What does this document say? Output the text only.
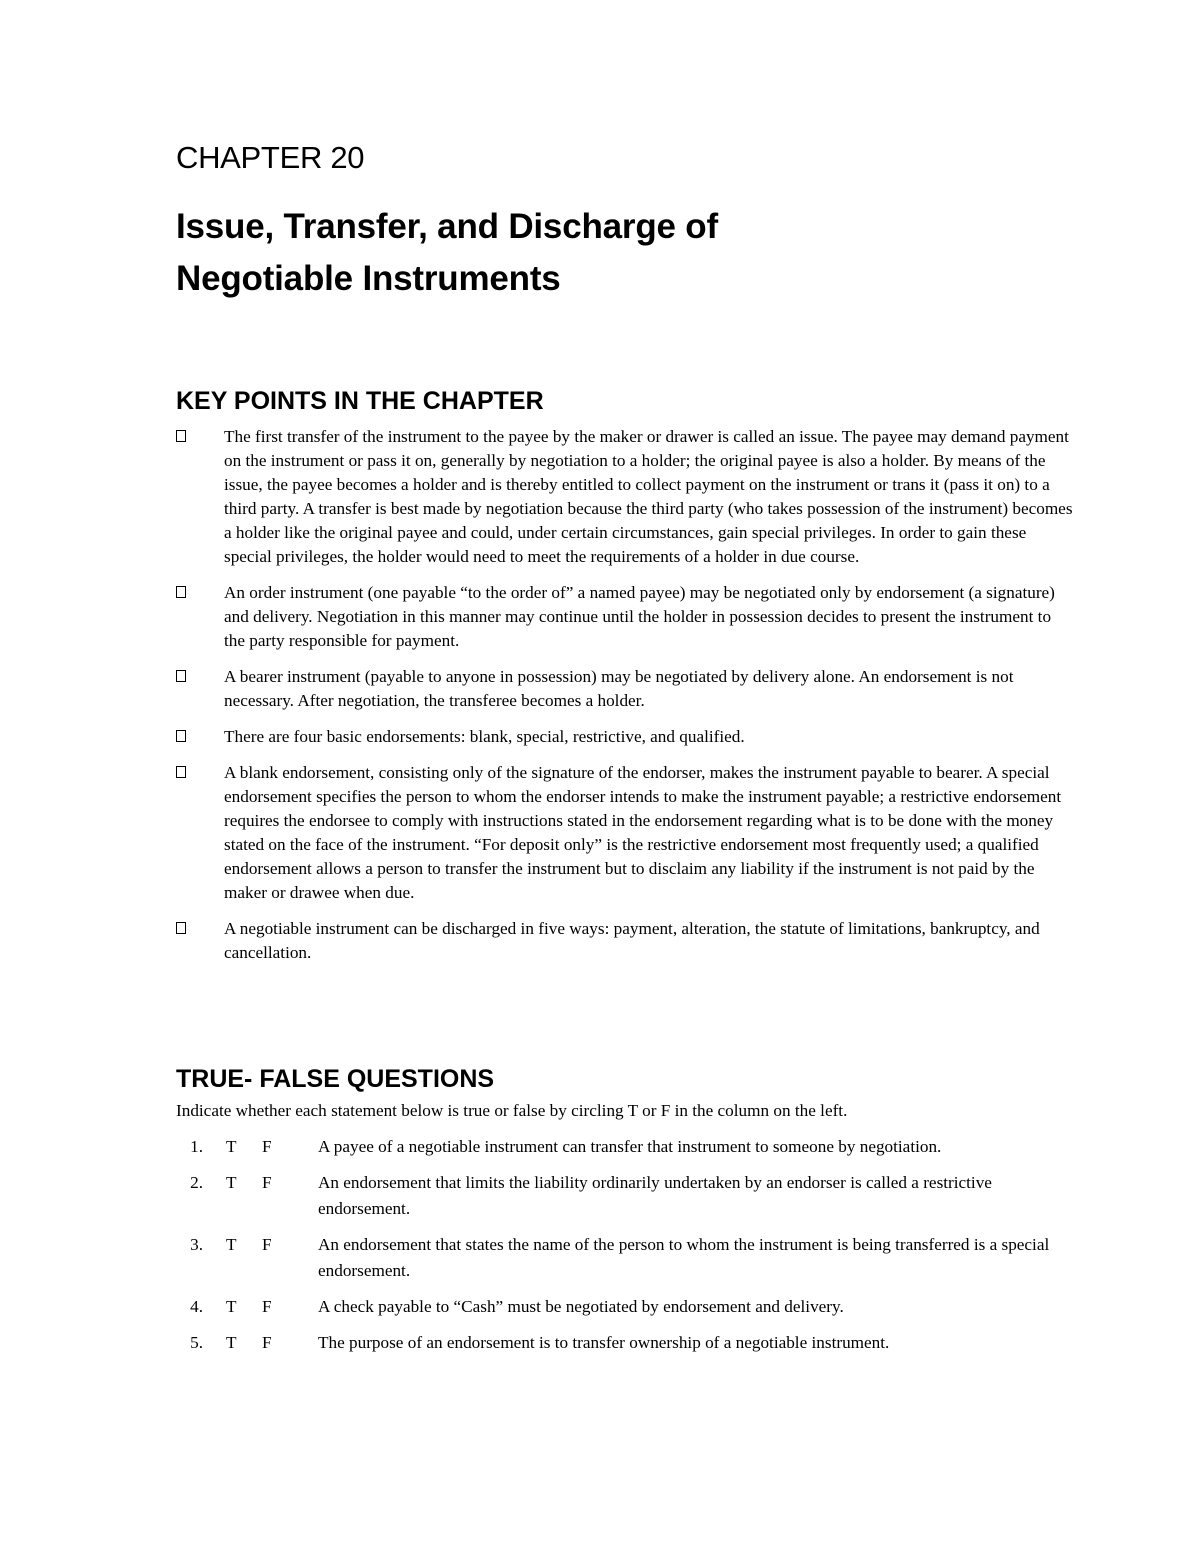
CHAPTER 20
Issue, Transfer, and Discharge of
Negotiable Instruments
KEY POINTS IN THE CHAPTER
The first transfer of the instrument to the payee by the maker or drawer is called an issue. The payee may demand payment on the instrument or pass it on, generally by negotiation to a holder; the original payee is also a holder. By means of the issue, the payee becomes a holder and is thereby entitled to collect payment on the instrument or trans it (pass it on) to a third party. A transfer is best made by negotiation because the third party (who takes possession of the instrument) becomes a holder like the original payee and could, under certain circumstances, gain special privileges. In order to gain these special privileges, the holder would need to meet the requirements of a holder in due course.
An order instrument (one payable “to the order of” a named payee) may be negotiated only by endorsement (a signature) and delivery. Negotiation in this manner may continue until the holder in possession decides to present the instrument to the party responsible for payment.
A bearer instrument (payable to anyone in possession) may be negotiated by delivery alone. An endorsement is not necessary. After negotiation, the transferee becomes a holder.
There are four basic endorsements: blank, special, restrictive, and qualified.
A blank endorsement, consisting only of the signature of the endorser, makes the instrument payable to bearer. A special endorsement specifies the person to whom the endorser intends to make the instrument payable; a restrictive endorsement requires the endorsee to comply with instructions stated in the endorsement regarding what is to be done with the money stated on the face of the instrument. “For deposit only” is the restrictive endorsement most frequently used; a qualified endorsement allows a person to transfer the instrument but to disclaim any liability if the instrument is not paid by the maker or drawee when due.
A negotiable instrument can be discharged in five ways: payment, alteration, the statute of limitations, bankruptcy, and cancellation.
TRUE- FALSE QUESTIONS

Indicate whether each statement below is true or false by circling T or F in the column on the left.

1. T F	A payee of a negotiable instrument can transfer that instrument to someone by negotiation.
2. T F	An endorsement that limits the liability ordinarily undertaken by an endorser is called a restrictive endorsement.
3. T F	An endorsement that states the name of the person to whom the instrument is being transferred is a special endorsement.
4. T F	A check payable to “Cash” must be negotiated by endorsement and delivery.
5. T F	The purpose of an endorsement is to transfer ownership of a negotiable instrument.
